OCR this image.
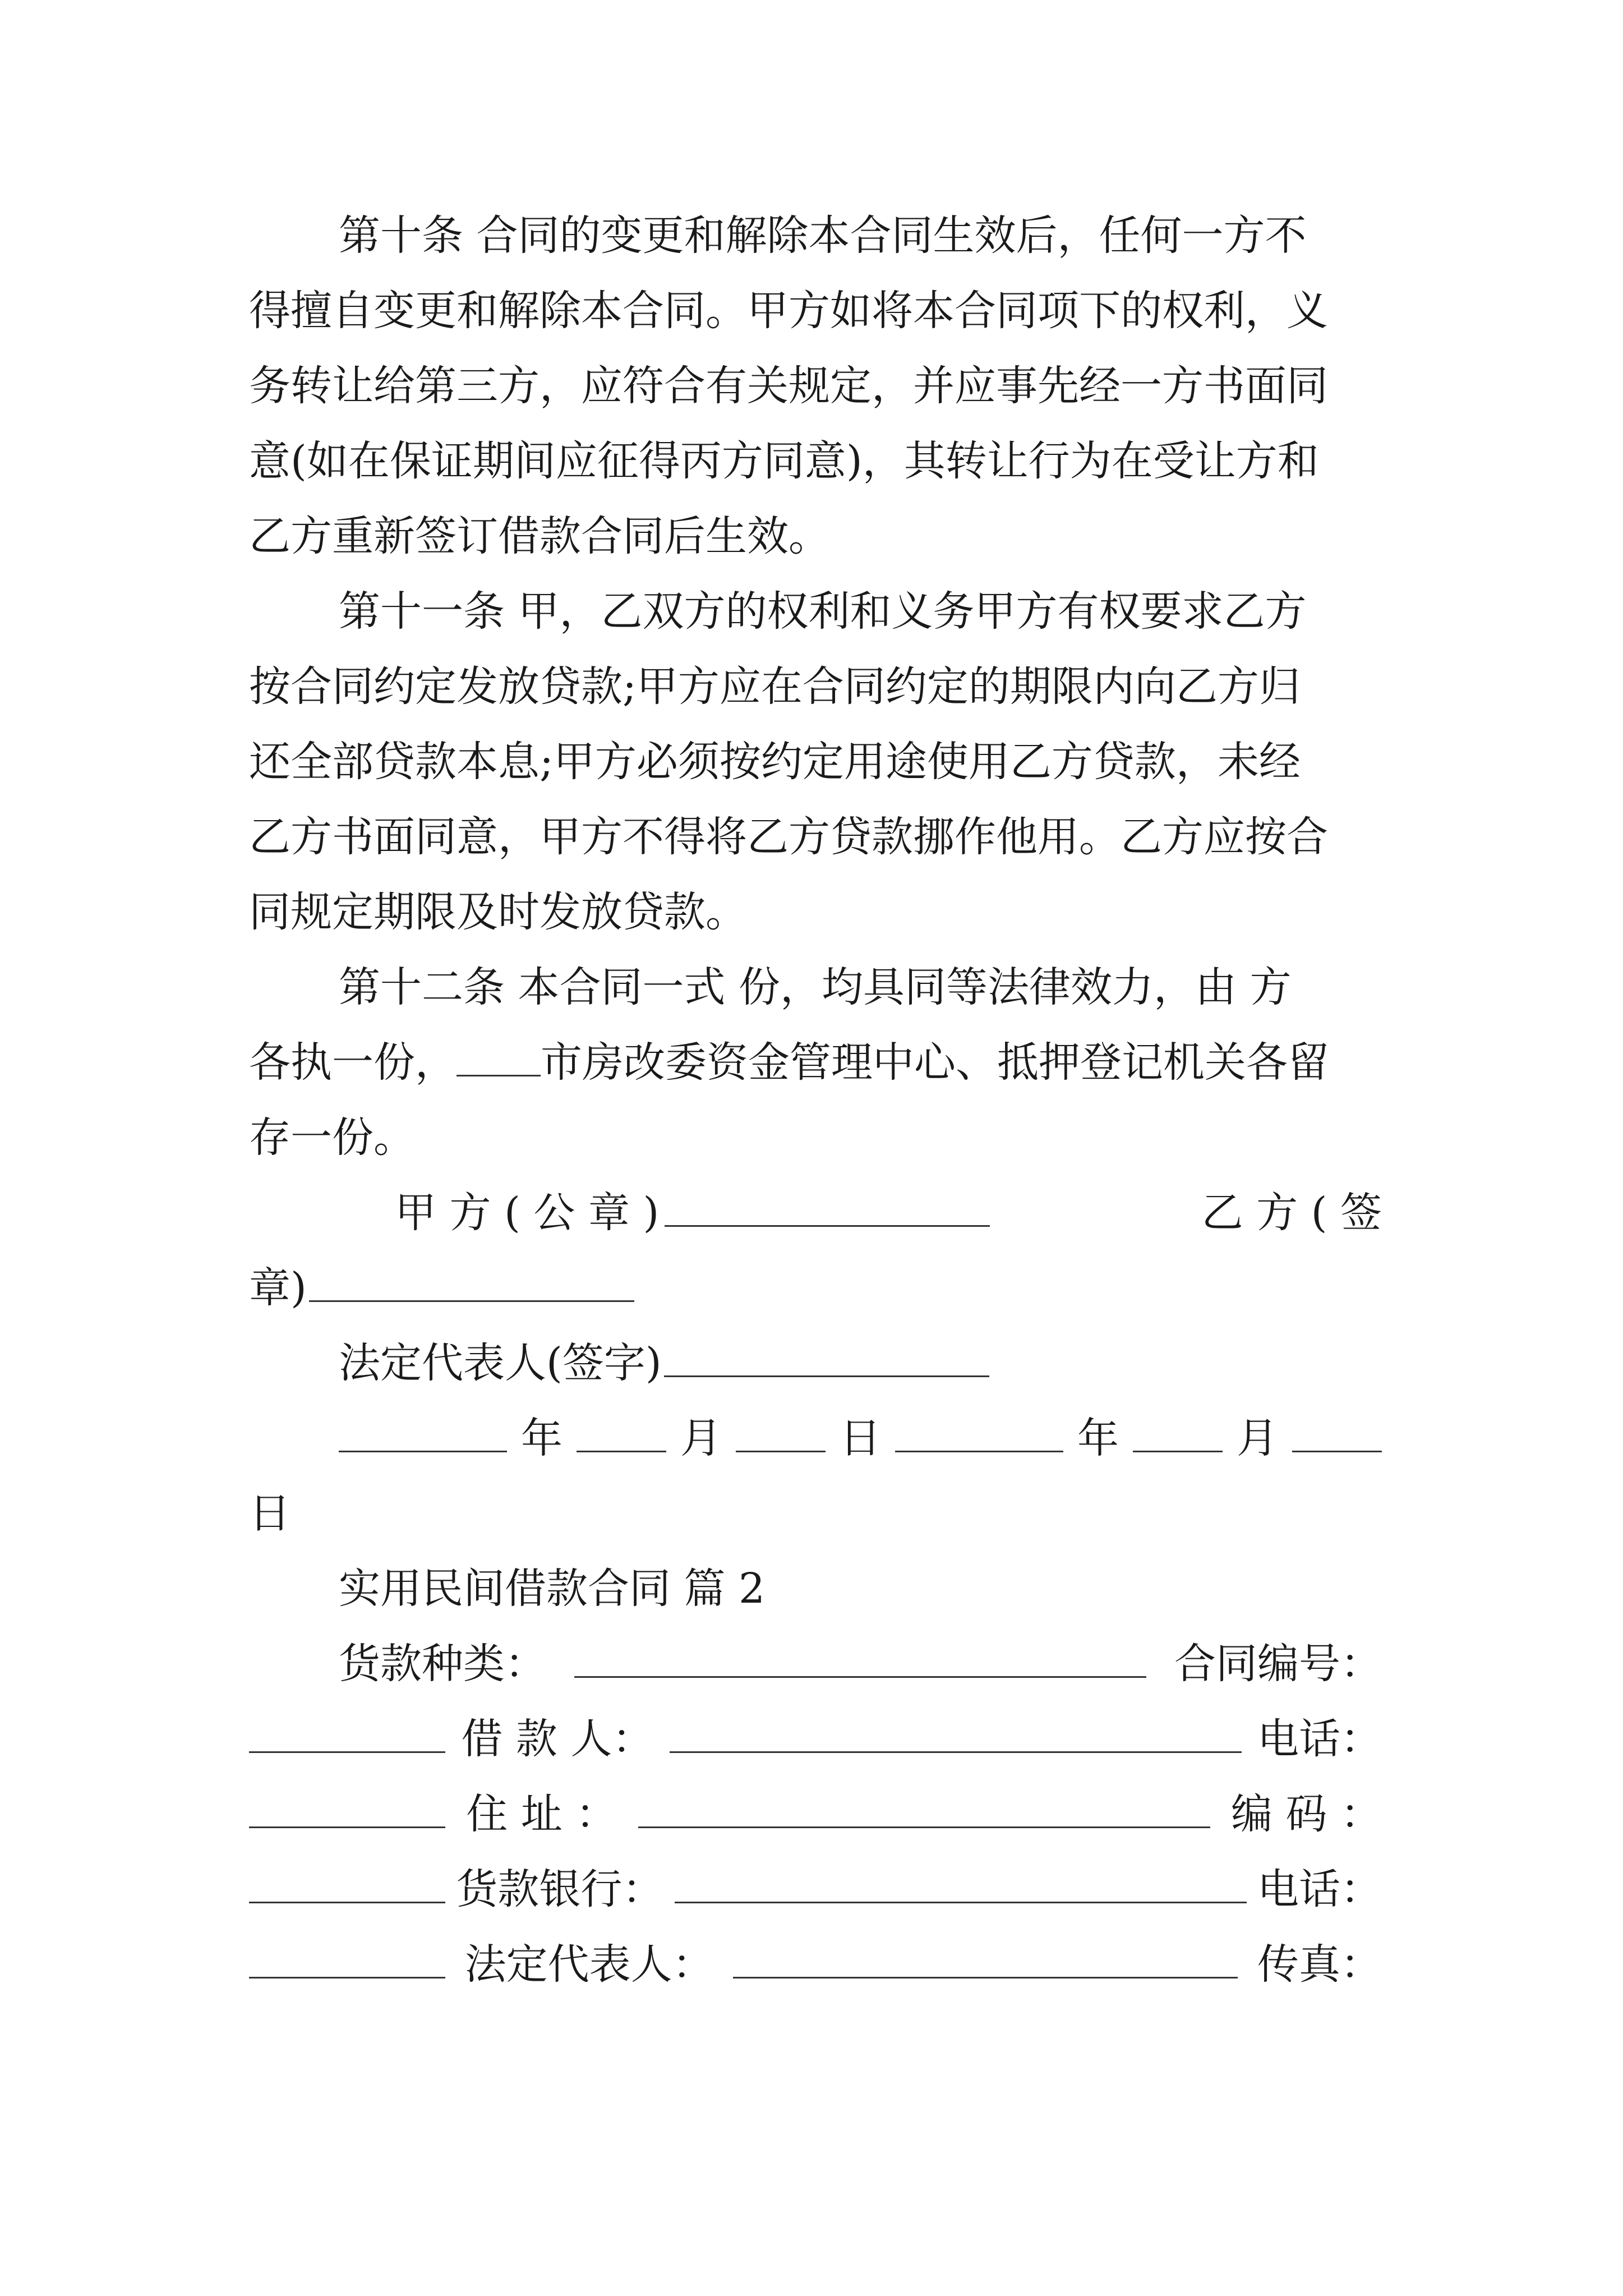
第十条 合同的变更和解除本合同生效后，任何一方不
得擅自变更和解除本合同。甲方如将本合同项下的权利，义
务转让给第三方，应符合有关规定，并应事先经一方书面同
意(如在保证期间应征得丙方同意)，其转让行为在受让方和
乙方重新签订借款合同后生效。
第十一条 甲，乙双方的权利和义务甲方有权要求乙方
按合同约定发放贷款;甲方应在合同约定的期限内向乙方归
还全部贷款本息;甲方必须按约定用途使用乙方贷款，未经
乙方书面同意，甲方不得将乙方贷款挪作他用。乙方应按合
同规定期限及时发放贷款。
第十二条 本合同一式 份，均具同等法律效力，由 方
各执一份， 市房改委资金管理中心、抵押登记机关各留
存一份。
甲 方 ( 公 章 )	乙 方 ( 签
章)
法定代表人(签字)
年	月	日	年	月
日
实用民间借款合同 篇 2
货款种类：	合同编号：
借 款 人：	电话：
住 址 ：	编 码 ：
货款银行：	电话：
法定代表人：	传真：
